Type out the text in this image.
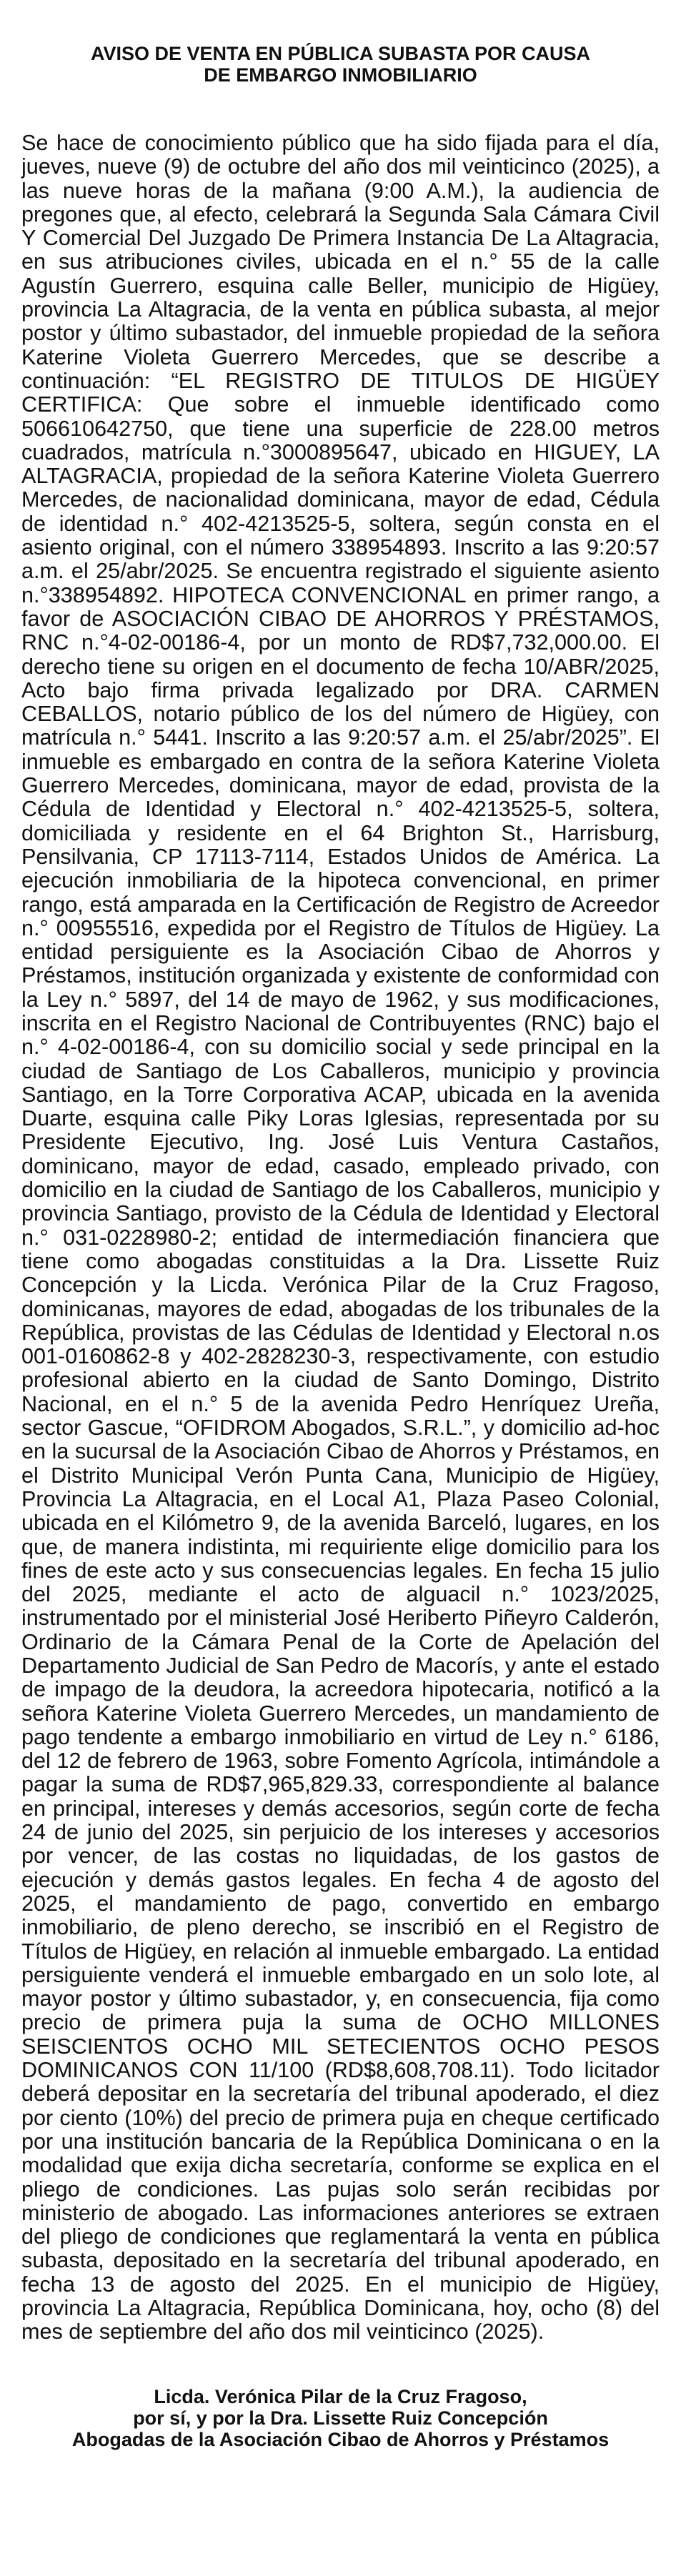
AVISO DE VENTA EN PÚBLICA SUBASTA POR CAUSA
DE EMBARGO INMOBILIARIO

Se hace de conocimiento público que ha sido fijada para el día, jueves, nueve (9) de octubre del año dos mil veinticinco (2025), a las nueve horas de la mañana (9:00 A.M.), la audiencia de pregones que, al efecto, celebrará la Segunda Sala Cámara Civil Y Comercial Del Juzgado De Primera Instancia De La Altagracia, en sus atribuciones civiles, ubicada en el n.° 55 de la calle Agustín Guerrero, esquina calle Beller, municipio de Higüey, provincia La Altagracia, de la venta en pública subasta, al mejor postor y último subastador, del inmueble propiedad de la señora Katerine Violeta Guerrero Mercedes, que se describe a continuación: “EL REGISTRO DE TITULOS DE HIGÜEY CERTIFICA: Que sobre el inmueble identificado como 506610642750, que tiene una superficie de 228.00 metros cuadrados, matrícula n.°3000895647, ubicado en HIGUEY, LA ALTAGRACIA, propiedad de la señora Katerine Violeta Guerrero Mercedes, de nacionalidad dominicana, mayor de edad, Cédula de identidad n.° 402-4213525-5, soltera, según consta en el asiento original, con el número 338954893. Inscrito a las 9:20:57 a.m. el 25/abr/2025. Se encuentra registrado el siguiente asiento n.°338954892. HIPOTECA CONVENCIONAL en primer rango, a favor de ASOCIACIÓN CIBAO DE AHORROS Y PRÉSTAMOS, RNC n.°4-02-00186-4, por un monto de RD$7,732,000.00. El derecho tiene su origen en el documento de fecha 10/ABR/2025, Acto bajo firma privada legalizado por DRA. CARMEN CEBALLOS, notario público de los del número de Higüey, con matrícula n.° 5441. Inscrito a las 9:20:57 a.m. el 25/abr/2025”. El inmueble es embargado en contra de la señora Katerine Violeta Guerrero Mercedes, dominicana, mayor de edad, provista de la Cédula de Identidad y Electoral n.° 402-4213525-5, soltera, domiciliada y residente en el 64 Brighton St., Harrisburg, Pensilvania, CP 17113-7114, Estados Unidos de América. La ejecución inmobiliaria de la hipoteca convencional, en primer rango, está amparada en la Certificación de Registro de Acreedor n.° 00955516, expedida por el Registro de Títulos de Higüey. La entidad persiguiente es la Asociación Cibao de Ahorros y Préstamos, institución organizada y existente de conformidad con la Ley n.° 5897, del 14 de mayo de 1962, y sus modificaciones, inscrita en el Registro Nacional de Contribuyentes (RNC) bajo el n.° 4-02-00186-4, con su domicilio social y sede principal en la ciudad de Santiago de Los Caballeros, municipio y provincia Santiago, en la Torre Corporativa ACAP, ubicada en la avenida Duarte, esquina calle Piky Loras Iglesias, representada por su Presidente Ejecutivo, Ing. José Luis Ventura Castaños, dominicano, mayor de edad, casado, empleado privado, con domicilio en la ciudad de Santiago de los Caballeros, municipio y provincia Santiago, provisto de la Cédula de Identidad y Electoral n.° 031-0228980-2; entidad de intermediación financiera que tiene como abogadas constituidas a la Dra. Lissette Ruiz Concepción y la Licda. Verónica Pilar de la Cruz Fragoso, dominicanas, mayores de edad, abogadas de los tribunales de la República, provistas de las Cédulas de Identidad y Electoral n.os 001-0160862-8 y 402-2828230-3, respectivamente, con estudio profesional abierto en la ciudad de Santo Domingo, Distrito Nacional, en el n.° 5 de la avenida Pedro Henríquez Ureña, sector Gascue, “OFIDROM Abogados, S.R.L.”, y domicilio ad-hoc en la sucursal de la Asociación Cibao de Ahorros y Préstamos, en el Distrito Municipal Verón Punta Cana, Municipio de Higüey, Provincia La Altagracia, en el Local A1, Plaza Paseo Colonial, ubicada en el Kilómetro 9, de la avenida Barceló, lugares, en los que, de manera indistinta, mi requiriente elige domicilio para los fines de este acto y sus consecuencias legales. En fecha 15 julio del 2025, mediante el acto de alguacil n.° 1023/2025, instrumentado por el ministerial José Heriberto Piñeyro Calderón, Ordinario de la Cámara Penal de la Corte de Apelación del Departamento Judicial de San Pedro de Macorís, y ante el estado de impago de la deudora, la acreedora hipotecaria, notificó a la señora Katerine Violeta Guerrero Mercedes, un mandamiento de pago tendente a embargo inmobiliario en virtud de Ley n.° 6186, del 12 de febrero de 1963, sobre Fomento Agrícola, intimándole a pagar la suma de RD$7,965,829.33, correspondiente al balance en principal, intereses y demás accesorios, según corte de fecha 24 de junio del 2025, sin perjuicio de los intereses y accesorios por vencer, de las costas no liquidadas, de los gastos de ejecución y demás gastos legales. En fecha 4 de agosto del 2025, el mandamiento de pago, convertido en embargo inmobiliario, de pleno derecho, se inscribió en el Registro de Títulos de Higüey, en relación al inmueble embargado. La entidad persiguiente venderá el inmueble embargado en un solo lote, al mayor postor y último subastador, y, en consecuencia, fija como precio de primera puja la suma de OCHO MILLONES SEISCIENTOS OCHO MIL SETECIENTOS OCHO PESOS DOMINICANOS CON 11/100 (RD$8,608,708.11). Todo licitador deberá depositar en la secretaría del tribunal apoderado, el diez por ciento (10%) del precio de primera puja en cheque certificado por una institución bancaria de la República Dominicana o en la modalidad que exija dicha secretaría, conforme se explica en el pliego de condiciones. Las pujas solo serán recibidas por ministerio de abogado. Las informaciones anteriores se extraen del pliego de condiciones que reglamentará la venta en pública subasta, depositado en la secretaría del tribunal apoderado, en fecha 13 de agosto del 2025. En el municipio de Higüey, provincia La Altagracia, República Dominicana, hoy, ocho (8) del mes de septiembre del año dos mil veinticinco (2025).

Licda. Verónica Pilar de la Cruz Fragoso,
por sí, y por la Dra. Lissette Ruiz Concepción
Abogadas de la Asociación Cibao de Ahorros y Préstamos
